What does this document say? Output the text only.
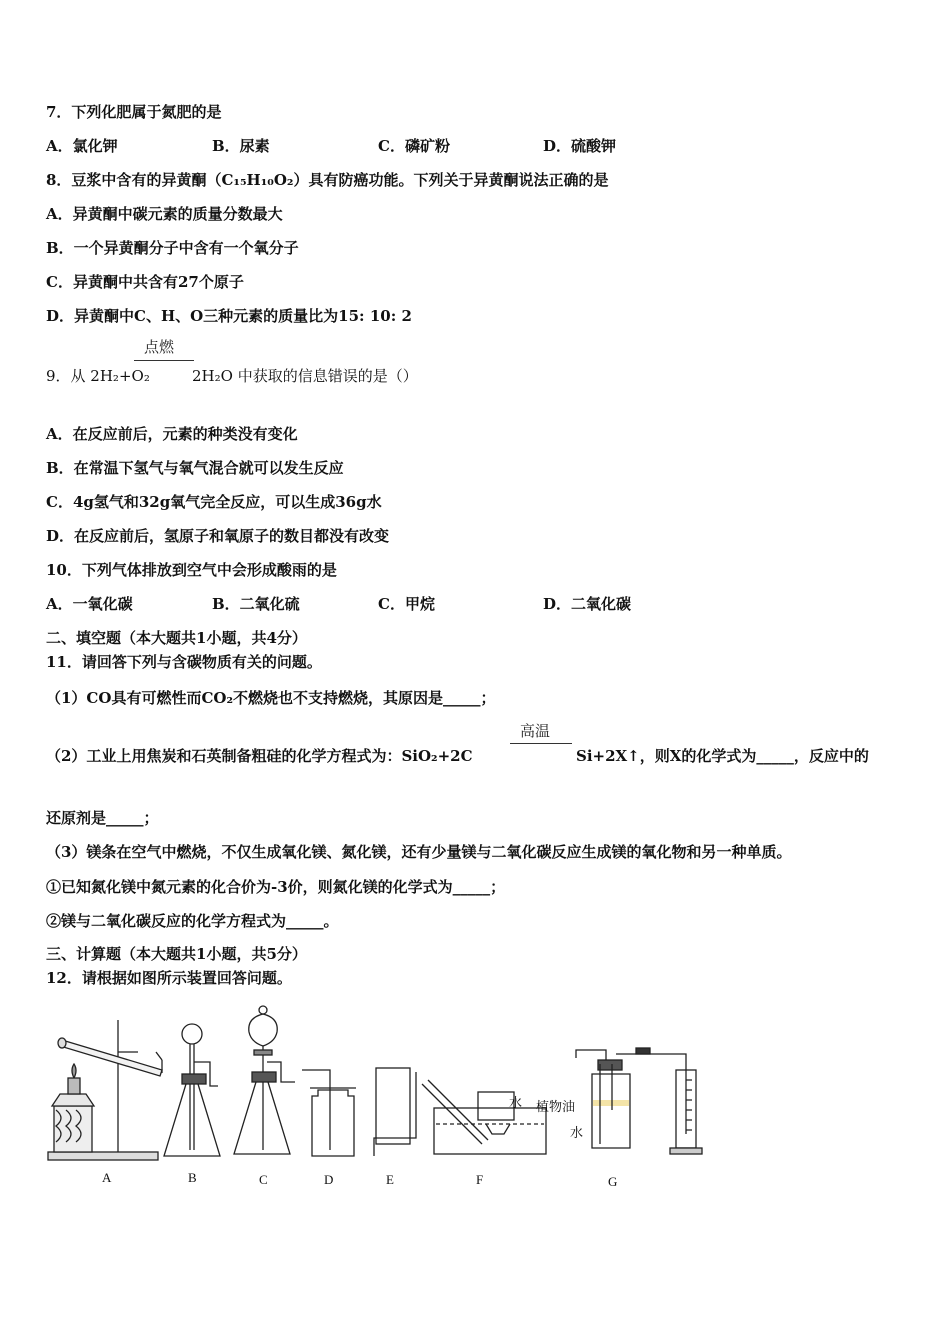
7．下列化肥属于氮肥的是
A．氯化钾	B．尿素	C．磷矿粉	D．硫酸钾
8．豆浆中含有的异黄酮（C₁₅H₁₀O₂）具有防癌功能。下列关于异黄酮说法正确的是
A．异黄酮中碳元素的质量分数最大
B．一个异黄酮分子中含有一个氧分子
C．异黄酮中共含有27个原子
D．异黄酮中C、H、O三种元素的质量比为15: 10: 2
点燃
9．从 2H₂+O₂	2H₂O 中获取的信息错误的是（）
A．在反应前后，元素的种类没有变化
B．在常温下氢气与氧气混合就可以发生反应
C．4g氢气和32g氧气完全反应，可以生成36g水
D．在反应前后，氢原子和氧原子的数目都没有改变
10．下列气体排放到空气中会形成酸雨的是
A．一氧化碳	B．二氧化硫	C．甲烷	D．二氧化碳
二、填空题（本大题共1小题，共4分）
11．请回答下列与含碳物质有关的问题。
（1）CO具有可燃性而CO₂不燃烧也不支持燃烧，其原因是_____；
高温
（2）工业上用焦炭和石英制备粗硅的化学方程式为：SiO₂+2C	Si+2X↑，则X的化学式为_____，反应中的
还原剂是_____；
（3）镁条在空气中燃烧，不仅生成氧化镁、氮化镁，还有少量镁与二氧化碳反应生成镁的氧化物和另一种单质。
①已知氮化镁中氮元素的化合价为-3价，则氮化镁的化学式为_____；
②镁与二氧化碳反应的化学方程式为_____。
三、计算题（本大题共1小题，共5分）
12．请根据如图所示装置回答问题。
水 植物油
水
A	B	C	D	E	F	G
